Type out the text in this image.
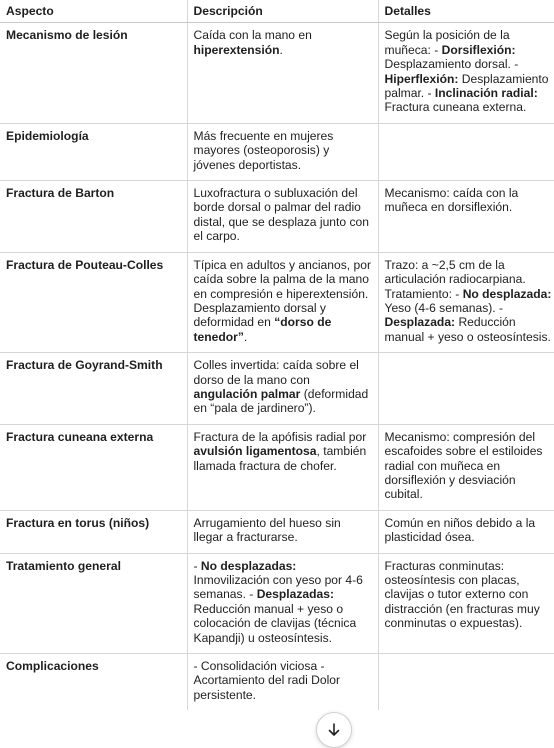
Aspecto	Descripción	Detalles
Mecanismo de lesión	Caída con la mano en hiperextensión.	Según la posición de la muñeca: - Dorsiflexión: Desplazamiento dorsal. - Hiperflexión: Desplazamiento palmar. - Inclinación radial: Fractura cuneana externa.
Epidemiología	Más frecuente en mujeres mayores (osteoporosis) y jóvenes deportistas.	
Fractura de Barton	Luxofractura o subluxación del borde dorsal o palmar del radio distal, que se desplaza junto con el carpo.	Mecanismo: caída con la muñeca en dorsiflexión.
Fractura de Pouteau-Colles	Típica en adultos y ancianos, por caída sobre la palma de la mano en compresión e hiperextensión. Desplazamiento dorsal y deformidad en “dorso de tenedor”.	Trazo: a ~2,5 cm de la articulación radiocarpiana. Tratamiento: - No desplazada: Yeso (4-6 semanas). - Desplazada: Reducción manual + yeso o osteosíntesis.
Fractura de Goyrand-Smith	Colles invertida: caída sobre el dorso de la mano con angulación palmar (deformidad en “pala de jardinero”).	
Fractura cuneana externa	Fractura de la apófisis radial por avulsión ligamentosa, también llamada fractura de chofer.	Mecanismo: compresión del escafoides sobre el estiloides radial con muñeca en dorsiflexión y desviación cubital.
Fractura en torus (niños)	Arrugamiento del hueso sin llegar a fracturarse.	Común en niños debido a la plasticidad ósea.
Tratamiento general	- No desplazadas: Inmovilización con yeso por 4-6 semanas. - Desplazadas: Reducción manual + yeso o colocación de clavijas (técnica Kapandji) u osteosíntesis.	Fracturas conminutas: osteosíntesis con placas, clavijas o tutor externo con distracción (en fracturas muy conminutas o expuestas).
Complicaciones	- Consolidación viciosa - Acortamiento del radi Dolor persistente.	
